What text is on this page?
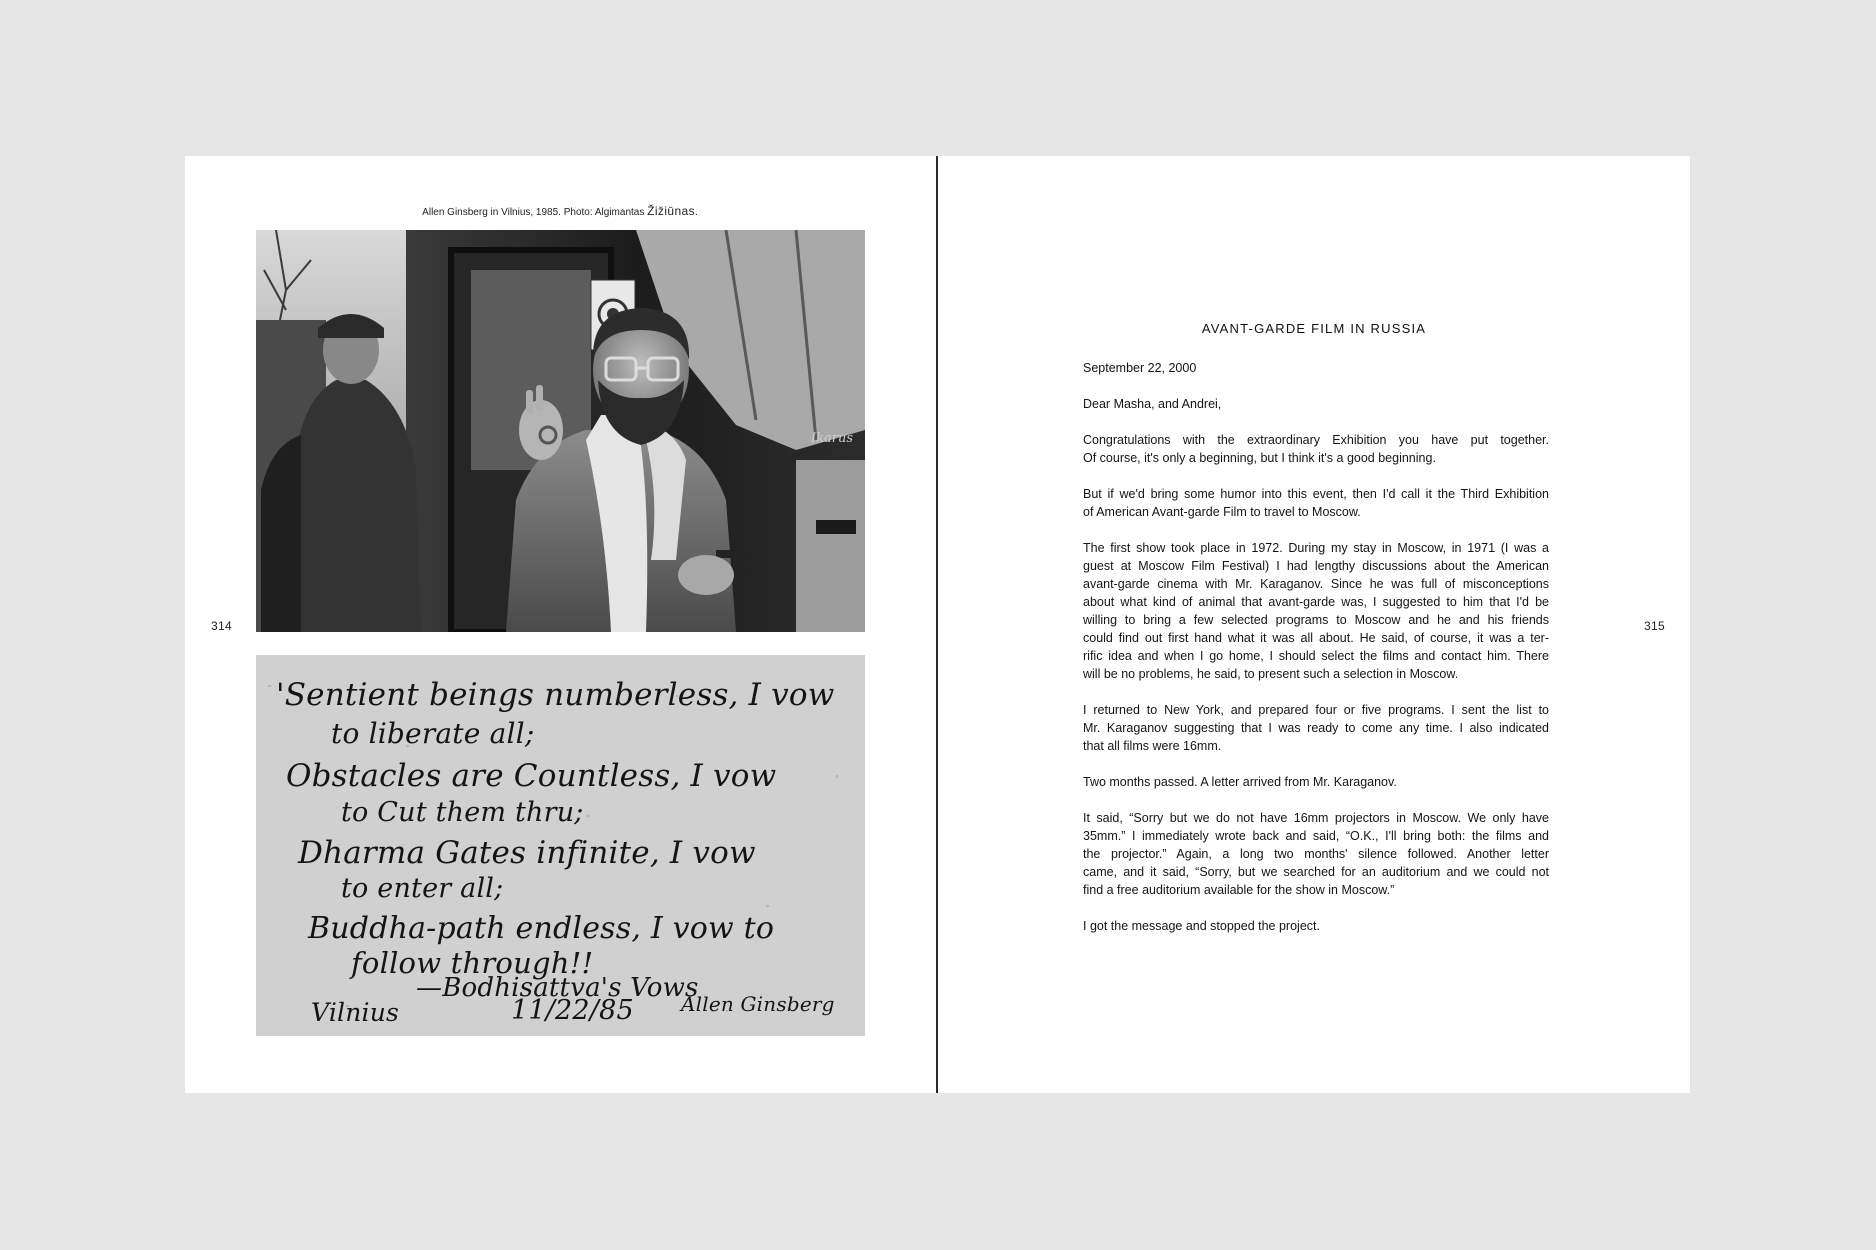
Allen Ginsberg in Vilnius, 1985. Photo: Algimantas Žižiūnas.
Ikarus
'Sentient beings numberless, I vow
to liberate all;
Obstacles are Countless, I vow
to Cut them thru;
Dharma Gates infinite, I vow
to enter all;
Buddha-path endless, I vow to
follow through!!
—Bodhisattva's Vows
Vilnius	11/22/85 Allen Ginsberg
314
AVANT-GARDE FILM IN RUSSIA

September 22, 2000

Dear Masha, and Andrei,

Congratulations with the extraordinary Exhibition you have put together.
Of course, it's only a beginning, but I think it's a good beginning.

But if we'd bring some humor into this event, then I'd call it the Third Exhibition
of American Avant-garde Film to travel to Moscow.

The first show took place in 1972. During my stay in Moscow, in 1971 (I was a
guest at Moscow Film Festival) I had lengthy discussions about the American
avant-garde cinema with Mr. Karaganov. Since he was full of misconceptions
about what kind of animal that avant-garde was, I suggested to him that I'd be
willing to bring a few selected programs to Moscow and he and his friends
could find out first hand what it was all about. He said, of course, it was a ter-
rific idea and when I go home, I should select the films and contact him. There
will be no problems, he said, to present such a selection in Moscow.

I returned to New York, and prepared four or five programs. I sent the list to
Mr. Karaganov suggesting that I was ready to come any time. I also indicated
that all films were 16mm.

Two months passed. A letter arrived from Mr. Karaganov.

It said, “Sorry but we do not have 16mm projectors in Moscow. We only have
35mm.” I immediately wrote back and said, “O.K., I'll bring both: the films and
the projector.” Again, a long two months' silence followed. Another letter
came, and it said, “Sorry, but we searched for an auditorium and we could not
find a free auditorium available for the show in Moscow.”

I got the message and stopped the project.

315
